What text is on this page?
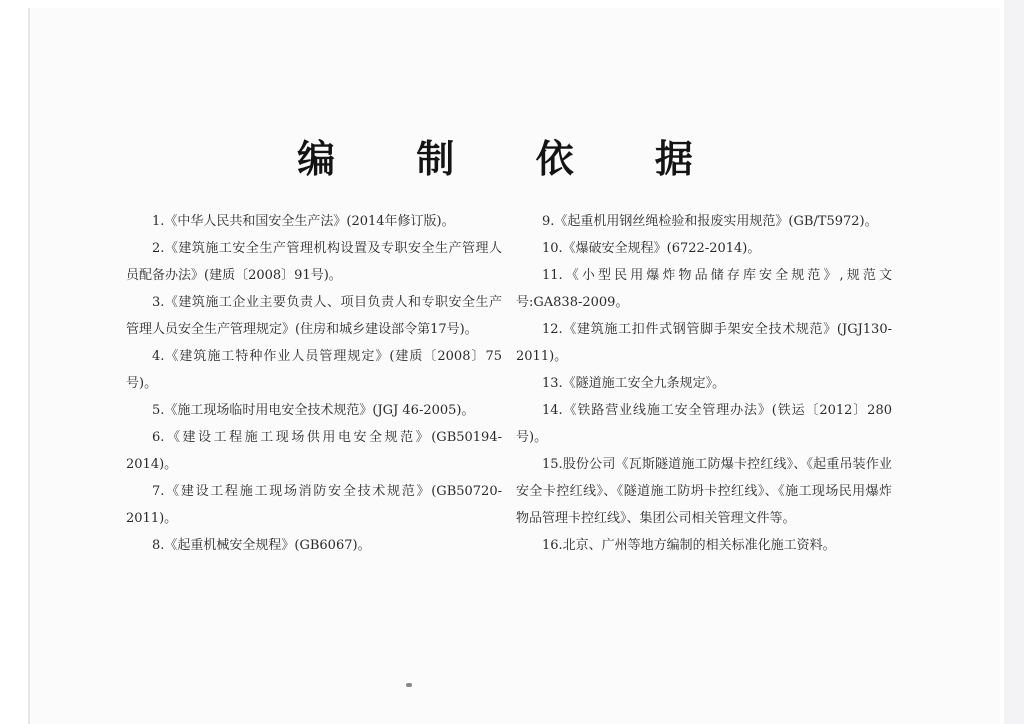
编 制 依 据

1.《中华人民共和国安全生产法》(2014年修订版)。

2.《建筑施工安全生产管理机构设置及专职安全生产管理人员配备办法》(建质〔2008〕91号)。

3.《建筑施工企业主要负责人、项目负责人和专职安全生产管理人员安全生产管理规定》(住房和城乡建设部令第17号)。

4.《建筑施工特种作业人员管理规定》(建质〔2008〕75号)。

5.《施工现场临时用电安全技术规范》(JGJ 46-2005)。

6.《建设工程施工现场供用电安全规范》(GB50194-2014)。

7.《建设工程施工现场消防安全技术规范》(GB50720-2011)。

8.《起重机械安全规程》(GB6067)。

9.《起重机用钢丝绳检验和报废实用规范》(GB/T5972)。

10.《爆破安全规程》(6722-2014)。

11.《小型民用爆炸物品储存库安全规范》,规范文号:GA838-2009。

12.《建筑施工扣件式钢管脚手架安全技术规范》(JGJ130-2011)。

13.《隧道施工安全九条规定》。

14.《铁路营业线施工安全管理办法》(铁运〔2012〕280号)。

15.股份公司《瓦斯隧道施工防爆卡控红线》、《起重吊装作业安全卡控红线》、《隧道施工防坍卡控红线》、《施工现场民用爆炸物品管理卡控红线》、集团公司相关管理文件等。

16.北京、广州等地方编制的相关标准化施工资料。
